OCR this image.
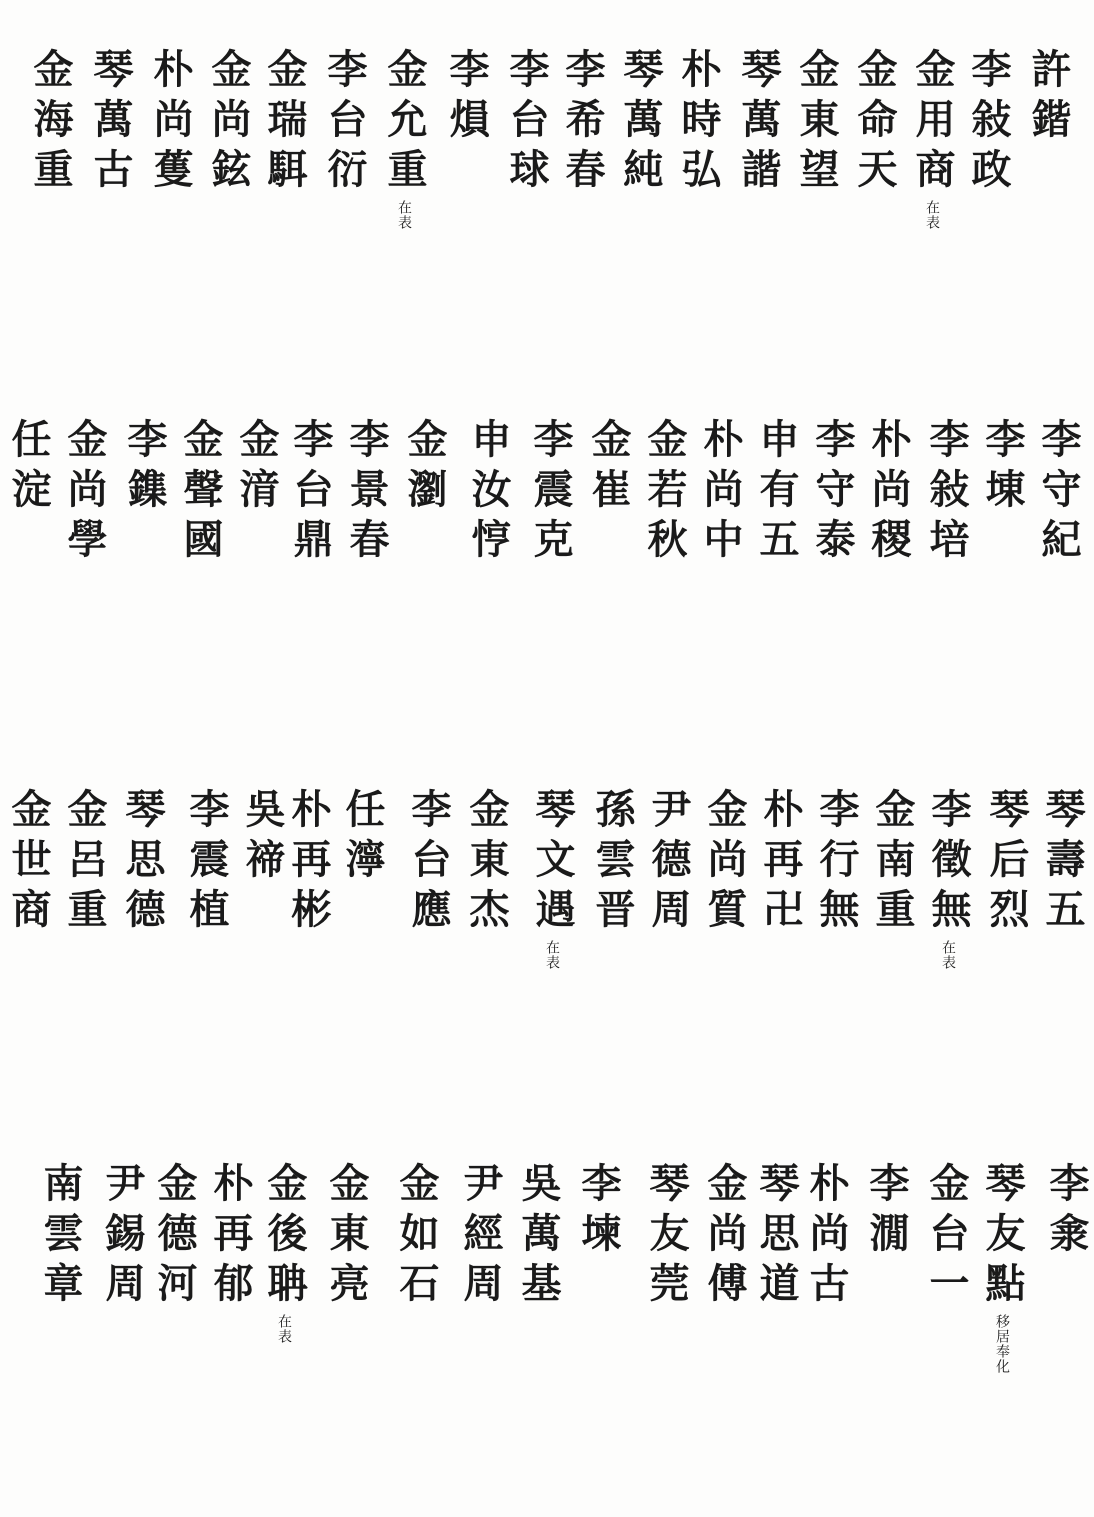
許鍇
李敍政
金用商
在表
金命天
金東望
琴萬諧
朴時弘
琴萬純
李希春
李台球
李熉
金允重
在表
李台衍
金瑞駬
金尚鉉
朴尚蒦
琴萬古
金海重
李守紀
李埬
李敍培
朴尚稷
李守泰
申有五
朴尚中
金若秋
金崔
李震克
申汝悙
金瀏
李景春
李台鼎
金湇
金聲國
李鏶
金尚學
任淀
琴壽五
琴后烈
李徵無
在表
金南重
李行無
朴再卍
金尚質
尹德周
孫雲晋
琴文遇
在表
金東杰
李台應
任濘
朴再彬
吳禘
李震植
琴思德
金呂重
金世商
李淾
金台一 琴友點
移居奉化
李㵎
朴尚古
琴思道
金尚傅
琴友莞
李堜
吳萬基
尹經周
金如石
金東亮
金後聃
在表
朴再郁
金德河
尹錫周
南雲章
